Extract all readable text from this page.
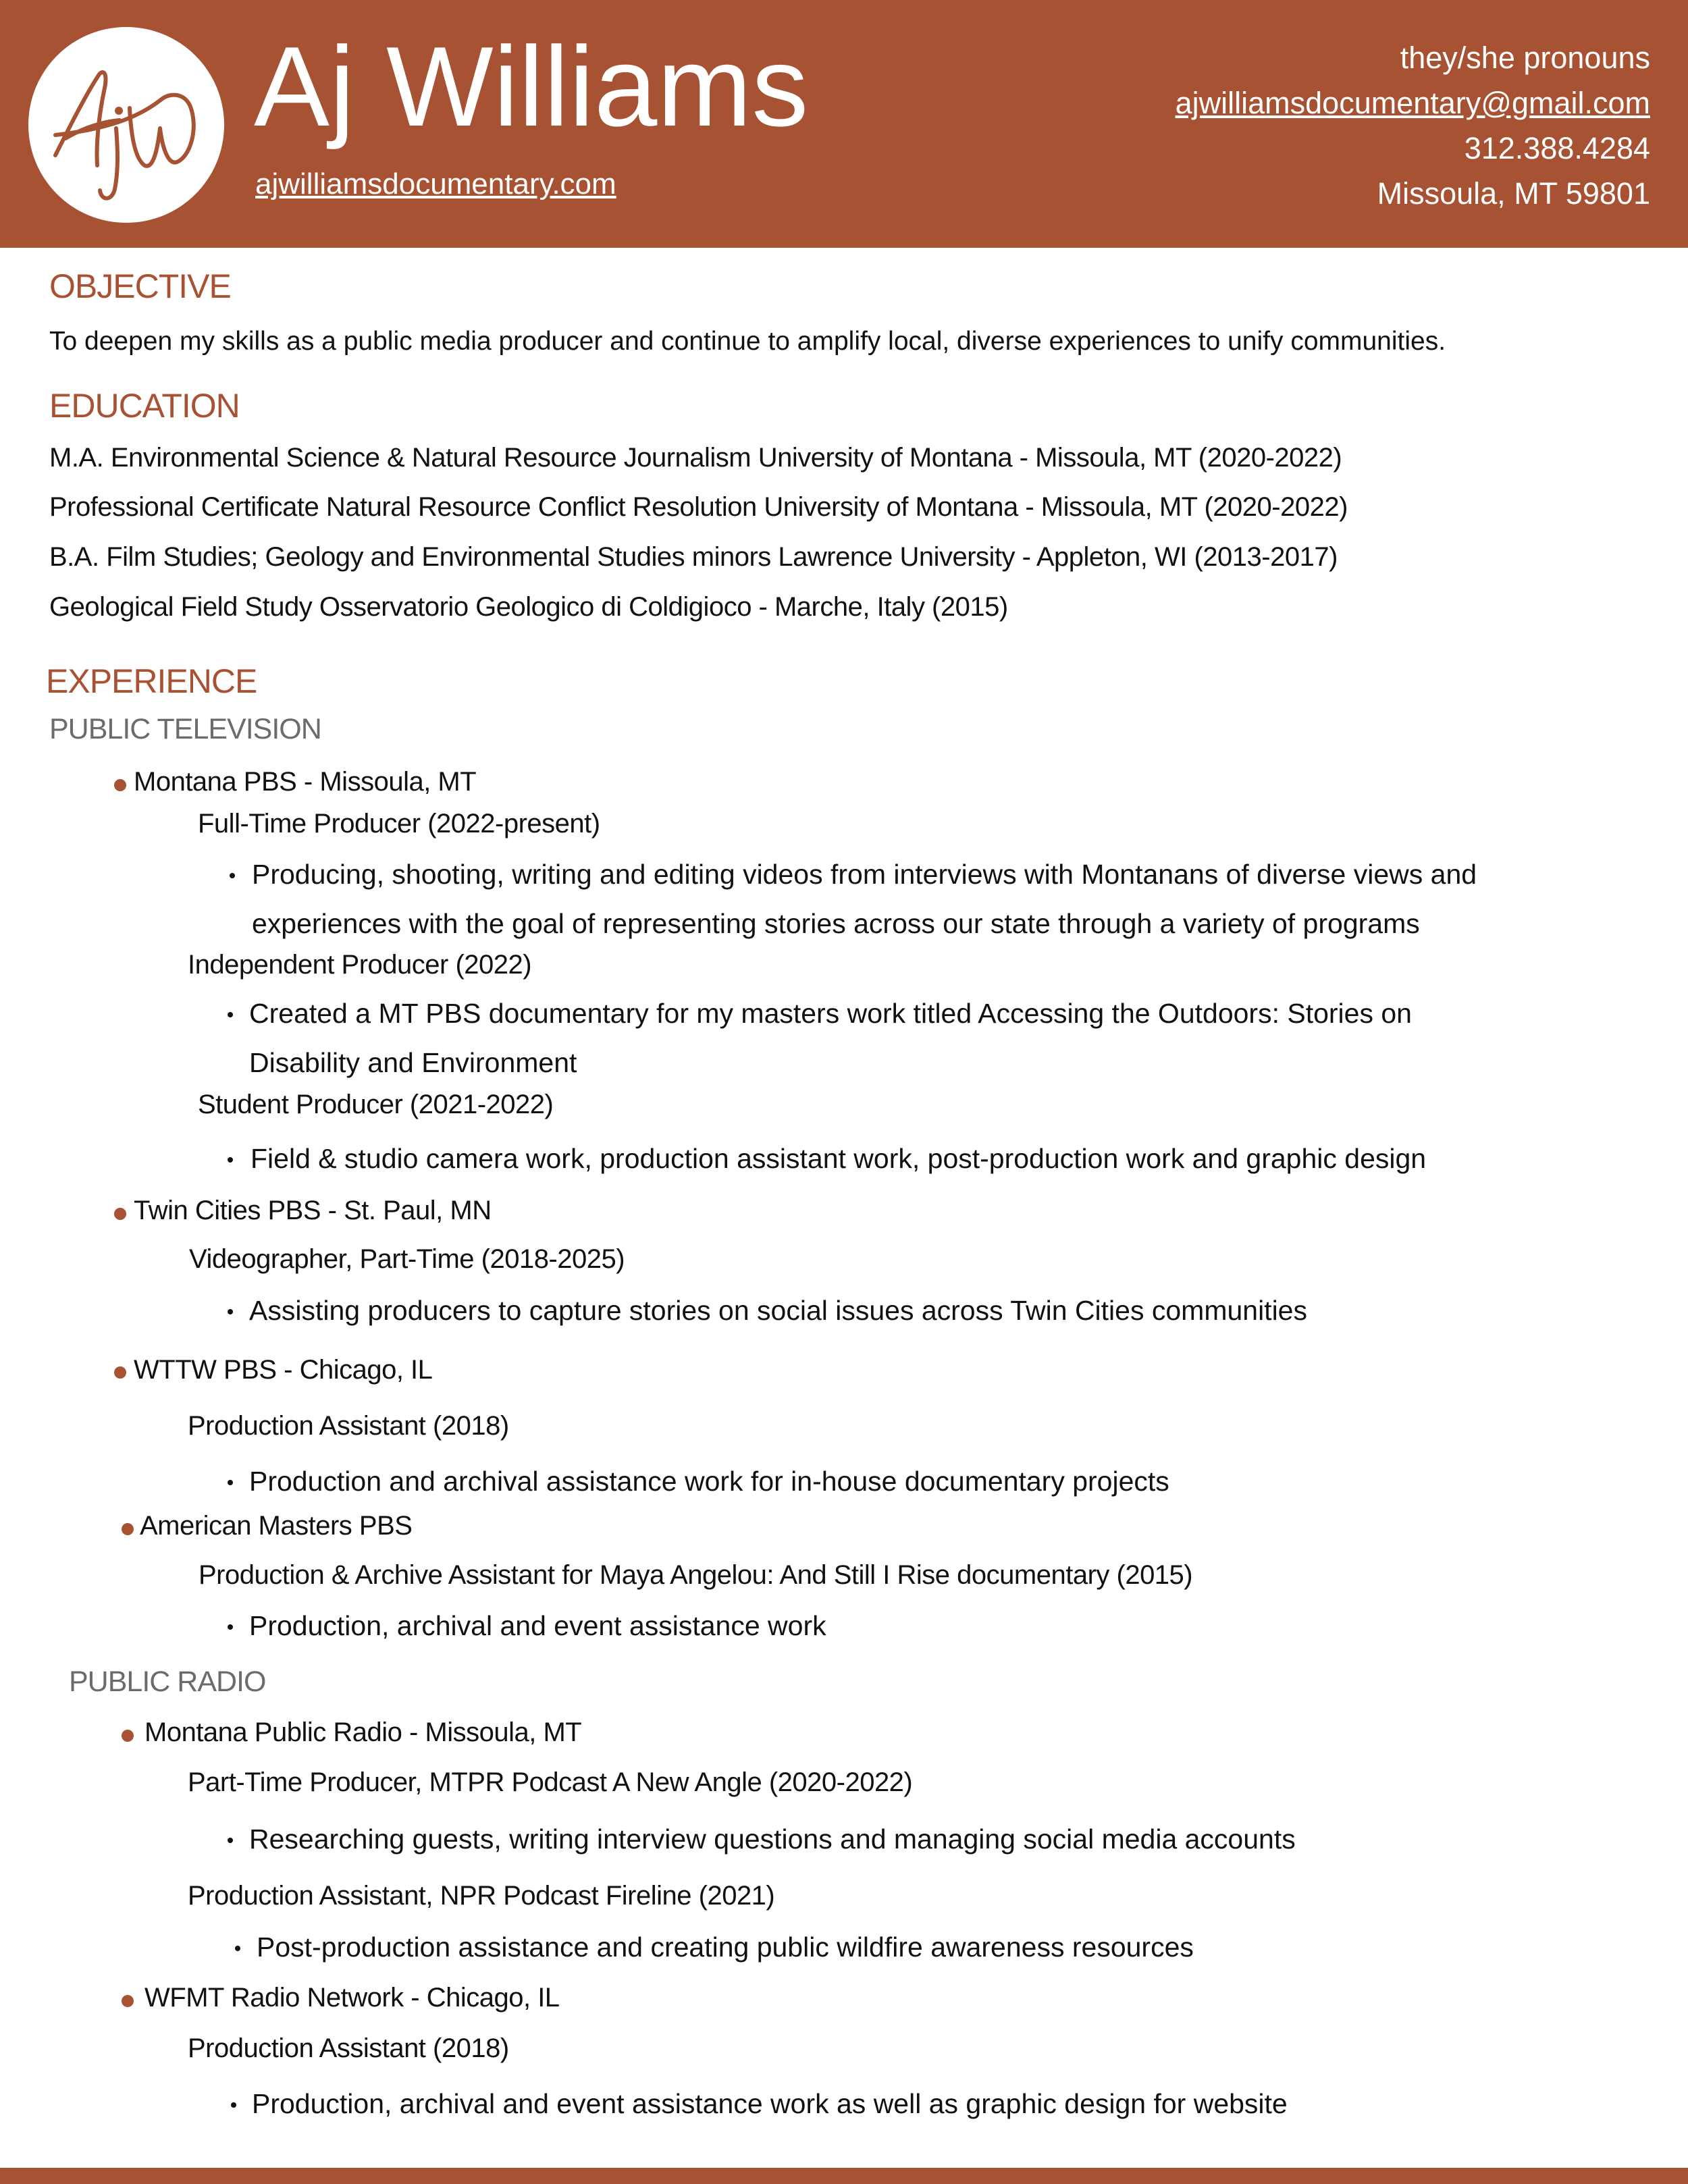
Aj Williams
ajwilliamsdocumentary.com
they/she pronouns
ajwilliamsdocumentary@gmail.com
312.388.4284
Missoula, MT 59801
OBJECTIVE
To deepen my skills as a public media producer and continue to amplify local, diverse experiences to unify communities.
EDUCATION
M.A. Environmental Science & Natural Resource Journalism University of Montana - Missoula, MT (2020-2022)
Professional Certificate Natural Resource Conflict Resolution University of Montana - Missoula, MT (2020-2022)
B.A. Film Studies; Geology and Environmental Studies minors Lawrence University - Appleton, WI (2013-2017)
Geological Field Study Osservatorio Geologico di Coldigioco - Marche, Italy (2015)
EXPERIENCE
PUBLIC TELEVISION
Montana PBS - Missoula, MT
Full-Time Producer (2022-present)
Producing, shooting, writing and editing videos from interviews with Montanans of diverse views and
experiences with the goal of representing stories across our state through a variety of programs
Independent Producer (2022)
Created a MT PBS documentary for my masters work titled Accessing the Outdoors: Stories on
Disability and Environment
Student Producer (2021-2022)
Field & studio camera work, production assistant work, post-production work and graphic design
Twin Cities PBS - St. Paul, MN
Videographer, Part-Time (2018-2025)
Assisting producers to capture stories on social issues across Twin Cities communities
WTTW PBS - Chicago, IL
Production Assistant (2018)
Production and archival assistance work for in-house documentary projects
American Masters PBS
Production & Archive Assistant for Maya Angelou: And Still I Rise documentary (2015)
Production, archival and event assistance work
PUBLIC RADIO
Montana Public Radio - Missoula, MT
Part-Time Producer, MTPR Podcast A New Angle (2020-2022)
Researching guests, writing interview questions and managing social media accounts
Production Assistant, NPR Podcast Fireline (2021)
Post-production assistance and creating public wildfire awareness resources
WFMT Radio Network - Chicago, IL
Production Assistant (2018)
Production, archival and event assistance work as well as graphic design for website
